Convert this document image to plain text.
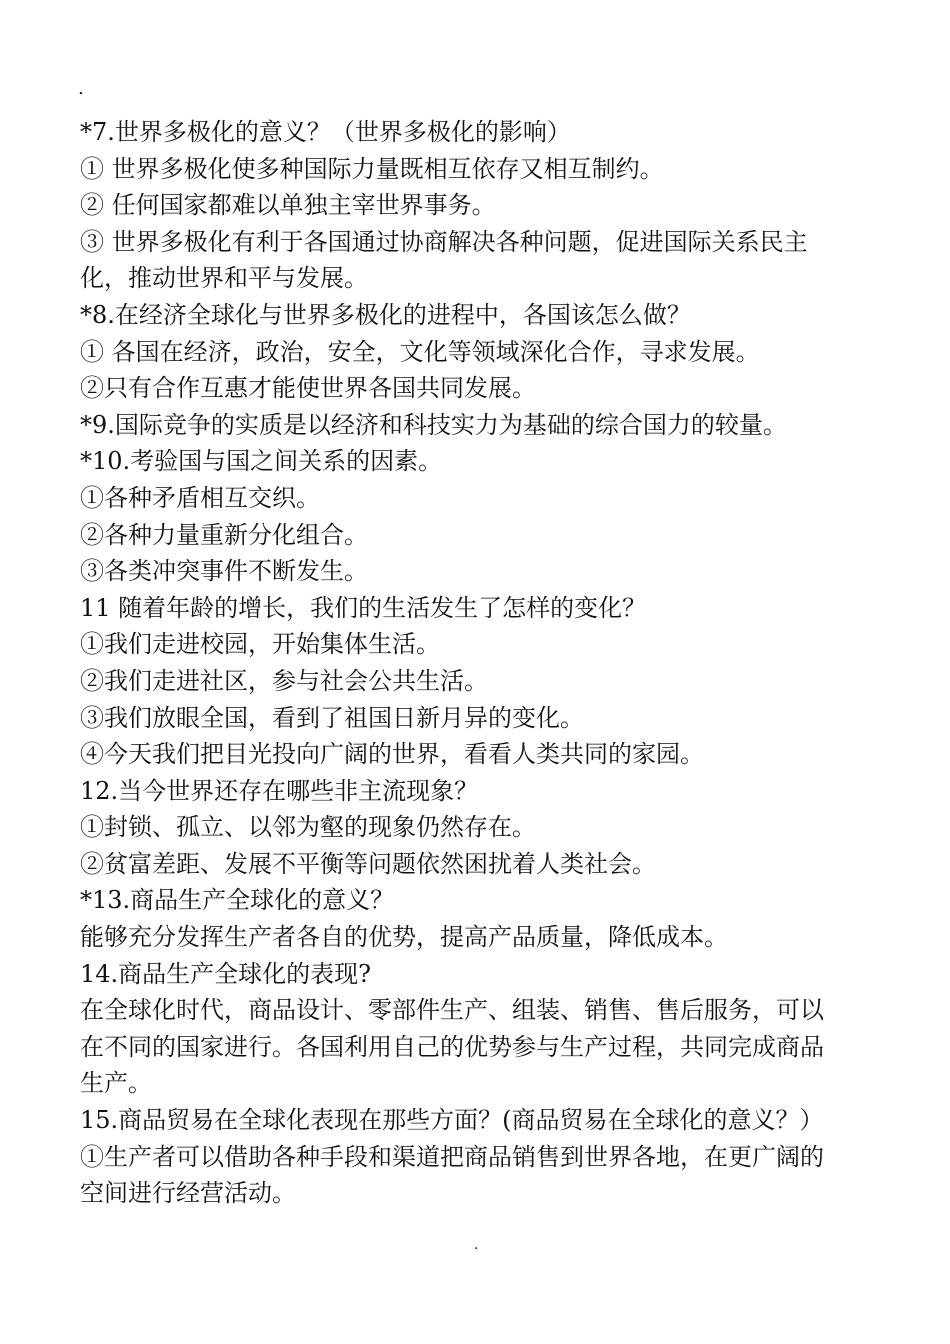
.
*7.世界多极化的意义？（世界多极化的影响）
① 世界多极化使多种国际力量既相互依存又相互制约。
② 任何国家都难以单独主宰世界事务。
③ 世界多极化有利于各国通过协商解决各种问题，促进国际关系民主
化，推动世界和平与发展。
*8.在经济全球化与世界多极化的进程中，各国该怎么做？
① 各国在经济，政治，安全，文化等领域深化合作，寻求发展。
②只有合作互惠才能使世界各国共同发展。
*9.国际竞争的实质是以经济和科技实力为基础的综合国力的较量。
*10.考验国与国之间关系的因素。
①各种矛盾相互交织。
②各种力量重新分化组合。
③各类冲突事件不断发生。
11 随着年龄的增长，我们的生活发生了怎样的变化？
①我们走进校园，开始集体生活。
②我们走进社区，参与社会公共生活。
③我们放眼全国，看到了祖国日新月异的变化。
④今天我们把目光投向广阔的世界，看看人类共同的家园。
12.当今世界还存在哪些非主流现象？
①封锁、孤立、以邻为壑的现象仍然存在。
②贫富差距、发展不平衡等问题依然困扰着人类社会。
*13.商品生产全球化的意义？
能够充分发挥生产者各自的优势，提高产品质量，降低成本。
14.商品生产全球化的表现?
在全球化时代，商品设计、零部件生产、组装、销售、售后服务，可以
在不同的国家进行。各国利用自己的优势参与生产过程，共同完成商品
生产。
15.商品贸易在全球化表现在那些方面？(商品贸易在全球化的意义？）
①生产者可以借助各种手段和渠道把商品销售到世界各地，在更广阔的
空间进行经营活动。
.
